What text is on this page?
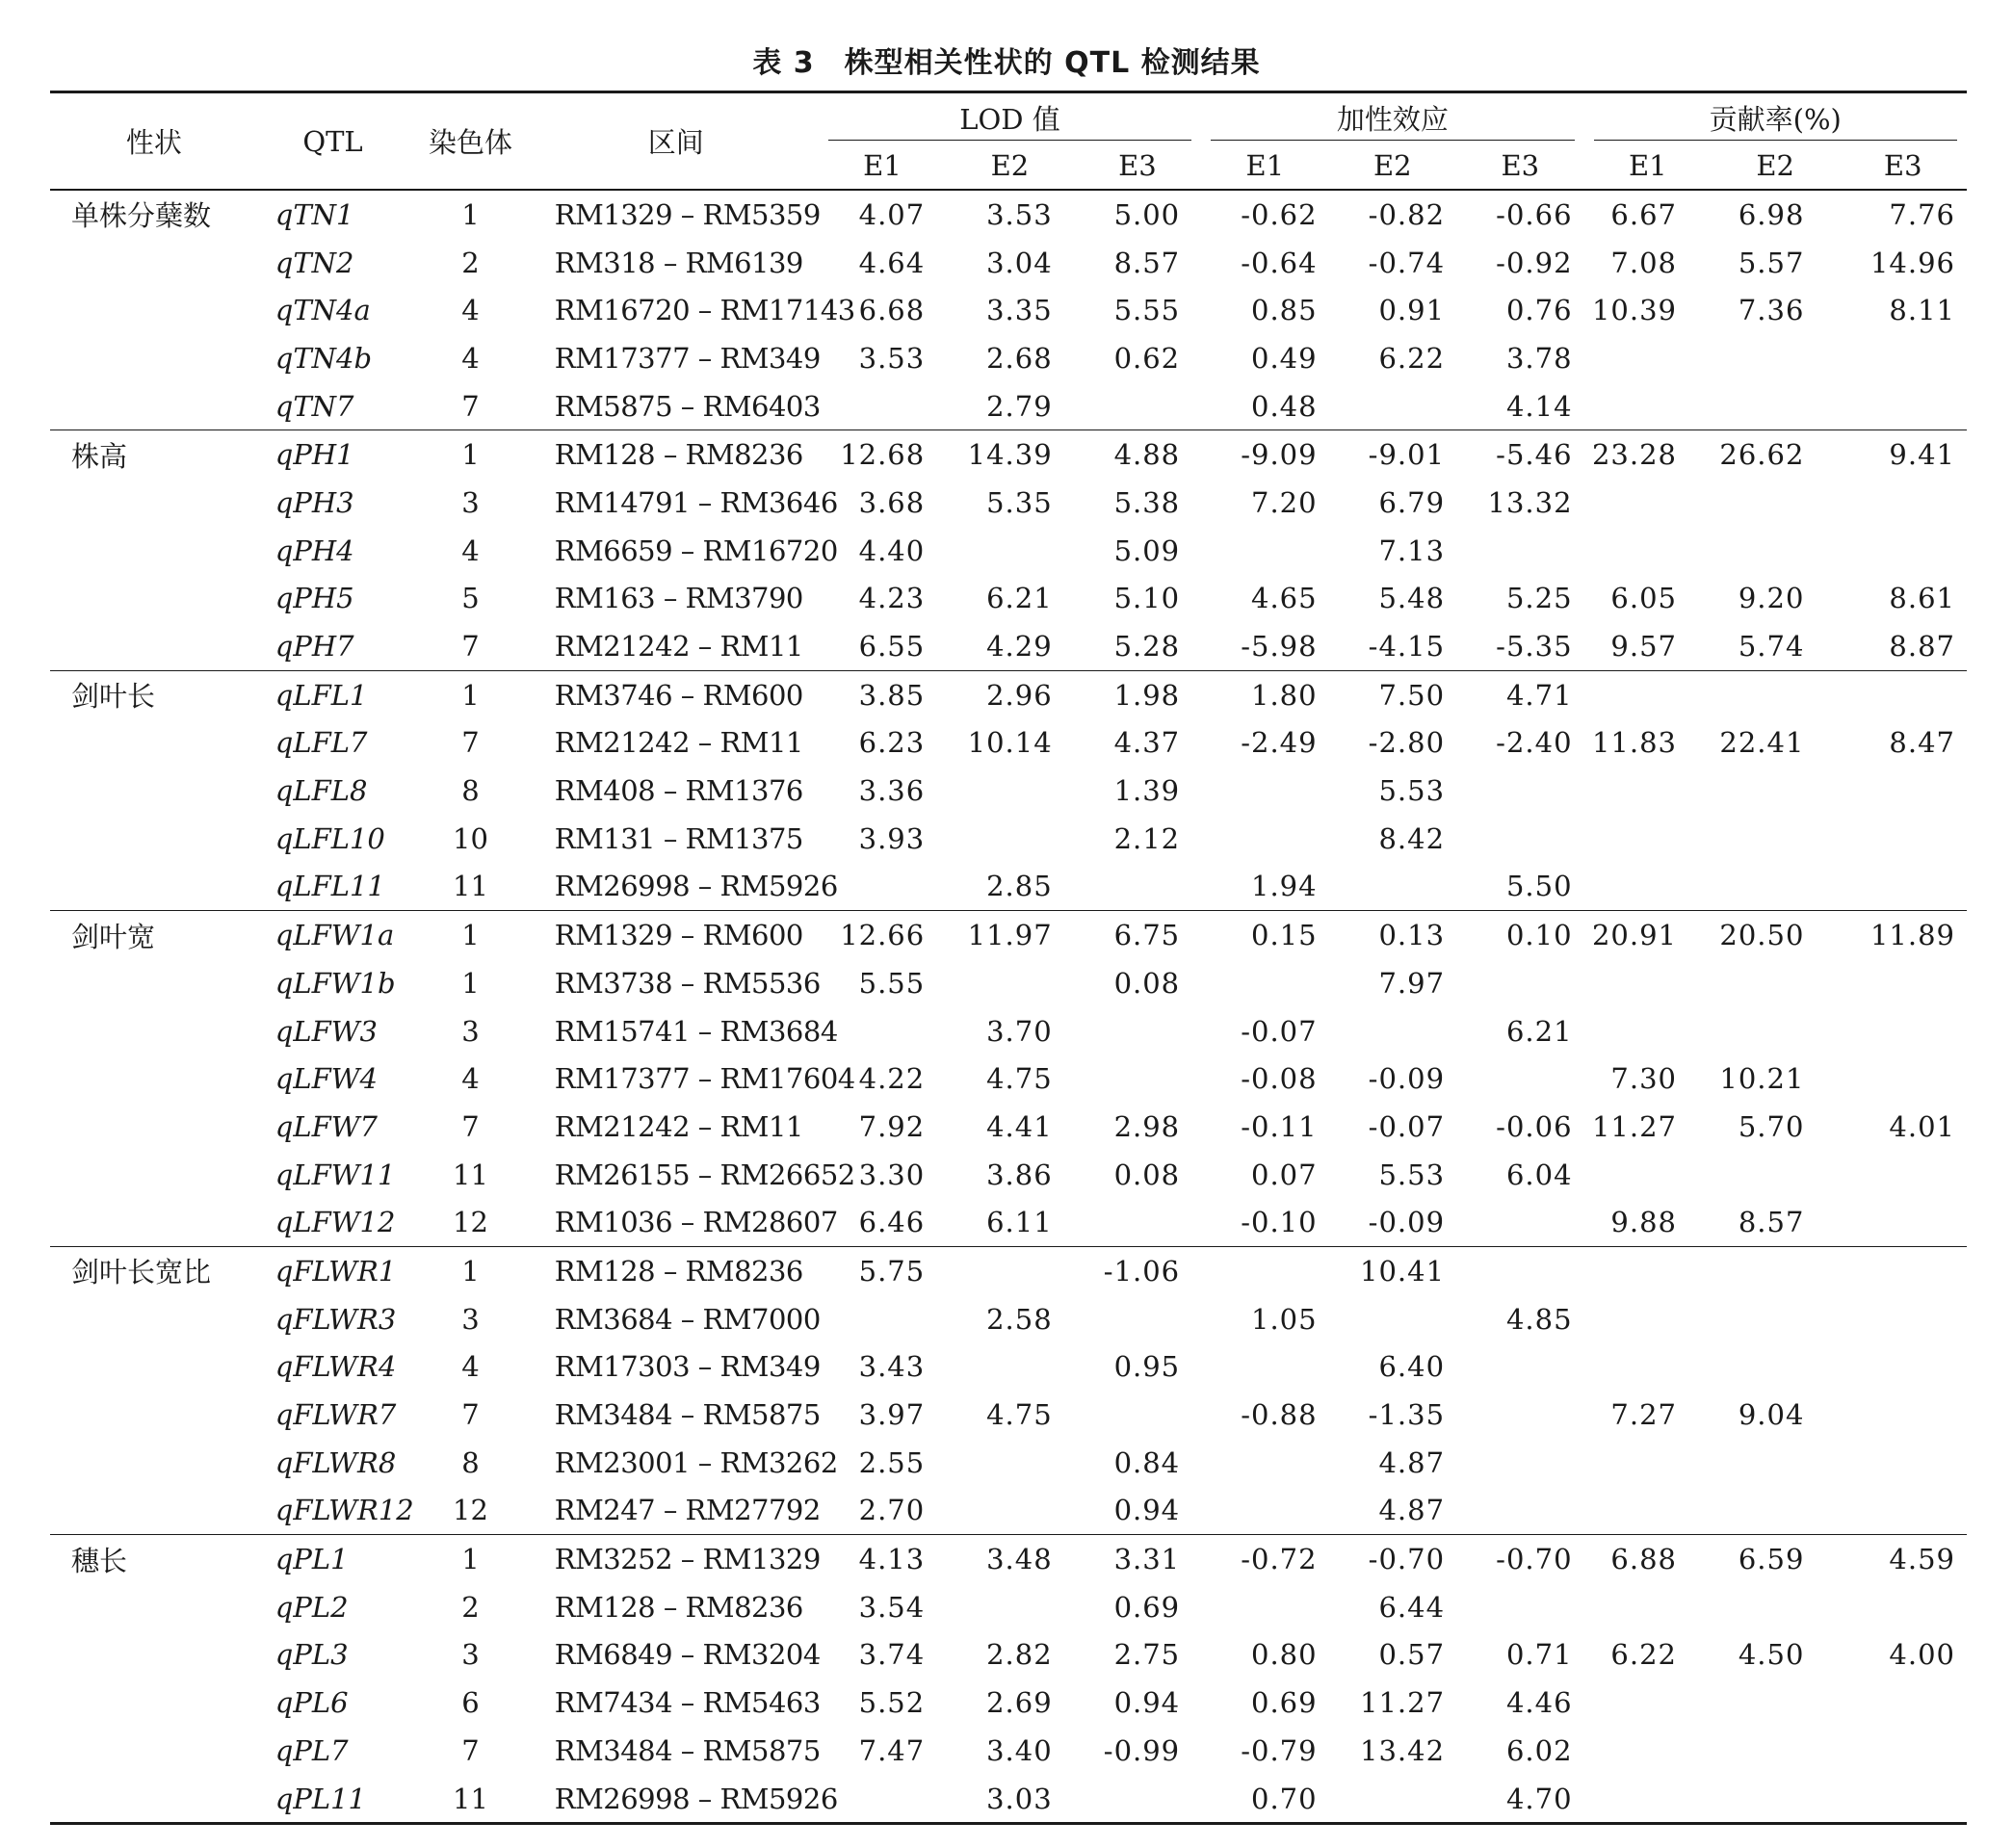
表 3　株型相关性状的 QTL 检测结果
性状	QTL	染色体	区间	LOD 值			加性效应			贡献率(%)		
				E1	E2	E3	E1	E2	E3	E1	E2	E3
单株分蘖数	qTN1	1	RM1329 – RM5359	4.07	3.53	5.00	-0.62	-0.82	-0.66	6.67	6.98	7.76
	qTN2	2	RM318 – RM6139	4.64	3.04	8.57	-0.64	-0.74	-0.92	7.08	5.57	14.96
	qTN4a	4	RM16720 – RM17143	6.68	3.35	5.55	0.85	0.91	0.76	10.39	7.36	8.11
	qTN4b	4	RM17377 – RM349	3.53	2.68	0.62	0.49	6.22	3.78			
	qTN7	7	RM5875 – RM6403		2.79		0.48		4.14			
株高	qPH1	1	RM128 – RM8236	12.68	14.39	4.88	-9.09	-9.01	-5.46	23.28	26.62	9.41
	qPH3	3	RM14791 – RM3646	3.68	5.35	5.38	7.20	6.79	13.32			
	qPH4	4	RM6659 – RM16720	4.40		5.09		7.13				
	qPH5	5	RM163 – RM3790	4.23	6.21	5.10	4.65	5.48	5.25	6.05	9.20	8.61
	qPH7	7	RM21242 – RM11	6.55	4.29	5.28	-5.98	-4.15	-5.35	9.57	5.74	8.87
剑叶长	qLFL1	1	RM3746 – RM600	3.85	2.96	1.98	1.80	7.50	4.71			
	qLFL7	7	RM21242 – RM11	6.23	10.14	4.37	-2.49	-2.80	-2.40	11.83	22.41	8.47
	qLFL8	8	RM408 – RM1376	3.36		1.39		5.53				
	qLFL10	10	RM131 – RM1375	3.93		2.12		8.42				
	qLFL11	11	RM26998 – RM5926		2.85		1.94		5.50			
剑叶宽	qLFW1a	1	RM1329 – RM600	12.66	11.97	6.75	0.15	0.13	0.10	20.91	20.50	11.89
	qLFW1b	1	RM3738 – RM5536	5.55		0.08		7.97				
	qLFW3	3	RM15741 – RM3684		3.70		-0.07		6.21			
	qLFW4	4	RM17377 – RM17604	4.22	4.75		-0.08	-0.09		7.30	10.21	
	qLFW7	7	RM21242 – RM11	7.92	4.41	2.98	-0.11	-0.07	-0.06	11.27	5.70	4.01
	qLFW11	11	RM26155 – RM26652	3.30	3.86	0.08	0.07	5.53	6.04			
	qLFW12	12	RM1036 – RM28607	6.46	6.11		-0.10	-0.09		9.88	8.57	
剑叶长宽比	qFLWR1	1	RM128 – RM8236	5.75		-1.06		10.41				
	qFLWR3	3	RM3684 – RM7000		2.58		1.05		4.85			
	qFLWR4	4	RM17303 – RM349	3.43		0.95		6.40				
	qFLWR7	7	RM3484 – RM5875	3.97	4.75		-0.88	-1.35		7.27	9.04	
	qFLWR8	8	RM23001 – RM3262	2.55		0.84		4.87				
	qFLWR12	12	RM247 – RM27792	2.70		0.94		4.87				
穗长	qPL1	1	RM3252 – RM1329	4.13	3.48	3.31	-0.72	-0.70	-0.70	6.88	6.59	4.59
	qPL2	2	RM128 – RM8236	3.54		0.69		6.44				
	qPL3	3	RM6849 – RM3204	3.74	2.82	2.75	0.80	0.57	0.71	6.22	4.50	4.00
	qPL6	6	RM7434 – RM5463	5.52	2.69	0.94	0.69	11.27	4.46			
	qPL7	7	RM3484 – RM5875	7.47	3.40	-0.99	-0.79	13.42	6.02			
	qPL11	11	RM26998 – RM5926		3.03		0.70		4.70			
